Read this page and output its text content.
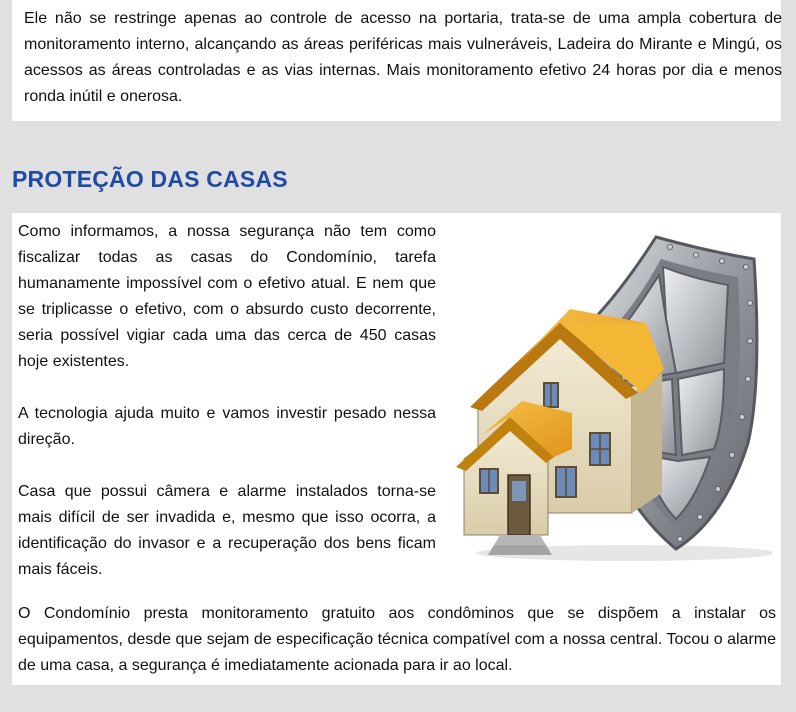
Ele não se restringe apenas ao controle de acesso na portaria, trata-se de uma ampla cobertura de monitoramento interno, alcançando as áreas periféricas mais vulneráveis, Ladeira do Mirante e Mingú, os acessos as áreas controladas e as vias internas. Mais monitoramento efetivo 24 horas por dia e menos ronda inútil e onerosa.

PROTEÇÃO DAS CASAS

Como informamos, a nossa segurança não tem como fiscalizar todas as casas do Condomínio, tarefa humanamente impossível com o efetivo atual. E nem que se triplicasse o efetivo, com o absurdo custo decorrente, seria possível vigiar cada uma das cerca de 450 casas hoje existentes.

A tecnologia ajuda muito e vamos investir pesado nessa direção.

Casa que possui câmera e alarme instalados torna-se mais difícil de ser invadida e, mesmo que isso ocorra, a identificação do invasor e a recuperação dos bens ficam mais fáceis.

O Condomínio presta monitoramento gratuito aos condôminos que se dispõem a instalar os equipamentos, desde que sejam de especificação técnica compatível com a nossa central. Tocou o alarme de uma casa, a segurança é imediatamente acionada para ir ao local.
